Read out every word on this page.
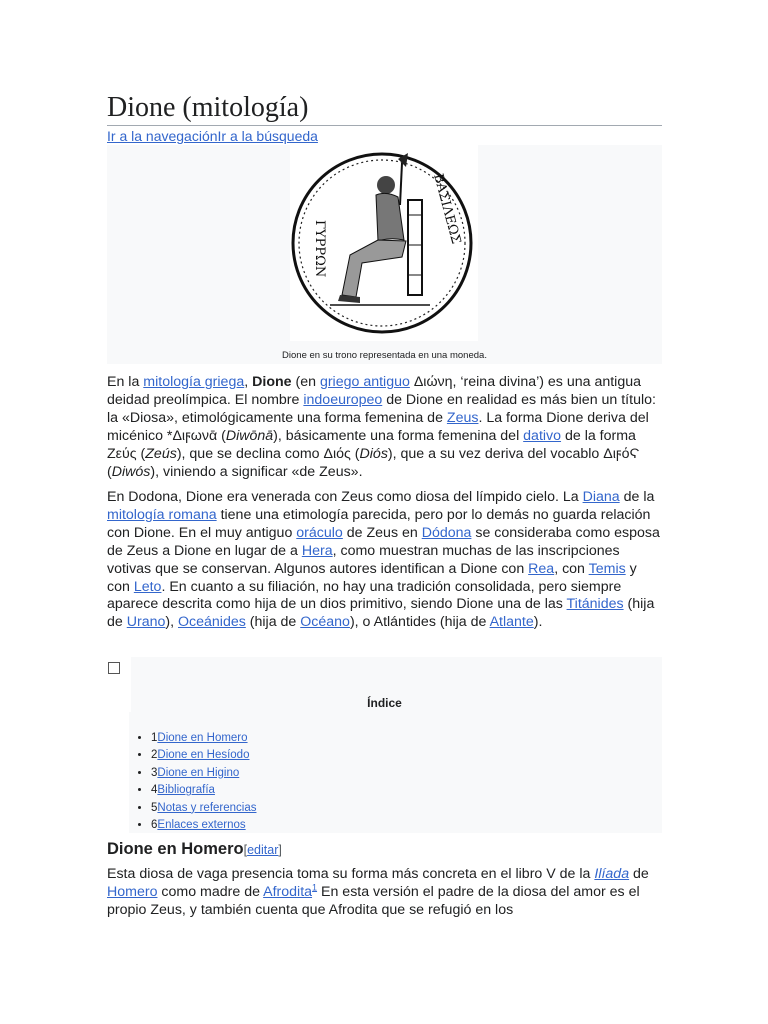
Dione (mitología)
Ir a la navegaciónIr a la búsqueda
ΓΥΡΡΩΝ
ΒΑΣΙΛΕΩΣ
Dione en su trono representada en una moneda.

En la mitología griega, Dione (en griego antiguo Διώνη, ‘reina divina’) es una antigua deidad preolímpica. El nombre indoeuropeo de Dione en realidad es más bien un título: la «Diosa», etimológicamente una forma femenina de Zeus. La forma Dione deriva del micénico *Διϝωνᾱ (Diwōnā), básicamente una forma femenina del dativo de la forma Ζεύς (Zeús), que se declina como Διός (Diós), que a su vez deriva del vocablo ΔιϝόϚ (Diwós), viniendo a significar «de Zeus».

En Dodona, Dione era venerada con Zeus como diosa del límpido cielo. La Diana de la mitología romana tiene una etimología parecida, pero por lo demás no guarda relación con Dione. En el muy antiguo oráculo de Zeus en Dódona se consideraba como esposa de Zeus a Dione en lugar de a Hera, como muestran muchas de las inscripciones votivas que se conservan. Algunos autores identifican a Dione con Rea, con Temis y con Leto. En cuanto a su filiación, no hay una tradición consolidada, pero siempre aparece descrita como hija de un dios primitivo, siendo Dione una de las Titánides (hija de Urano), Oceánides (hija de Océano), o Atlántides (hija de Atlante).

Índice
• 1Dione en Homero
• 2Dione en Hesíodo
• 3Dione en Higino
• 4Bibliografía
• 5Notas y referencias
• 6Enlaces externos
Dione en Homero[editar]

Esta diosa de vaga presencia toma su forma más concreta en el libro V de la Ilíada de Homero como madre de Afrodita$^1$ En esta versión el padre de la diosa del amor es el propio Zeus, y también cuenta que Afrodita que se refugió en los
